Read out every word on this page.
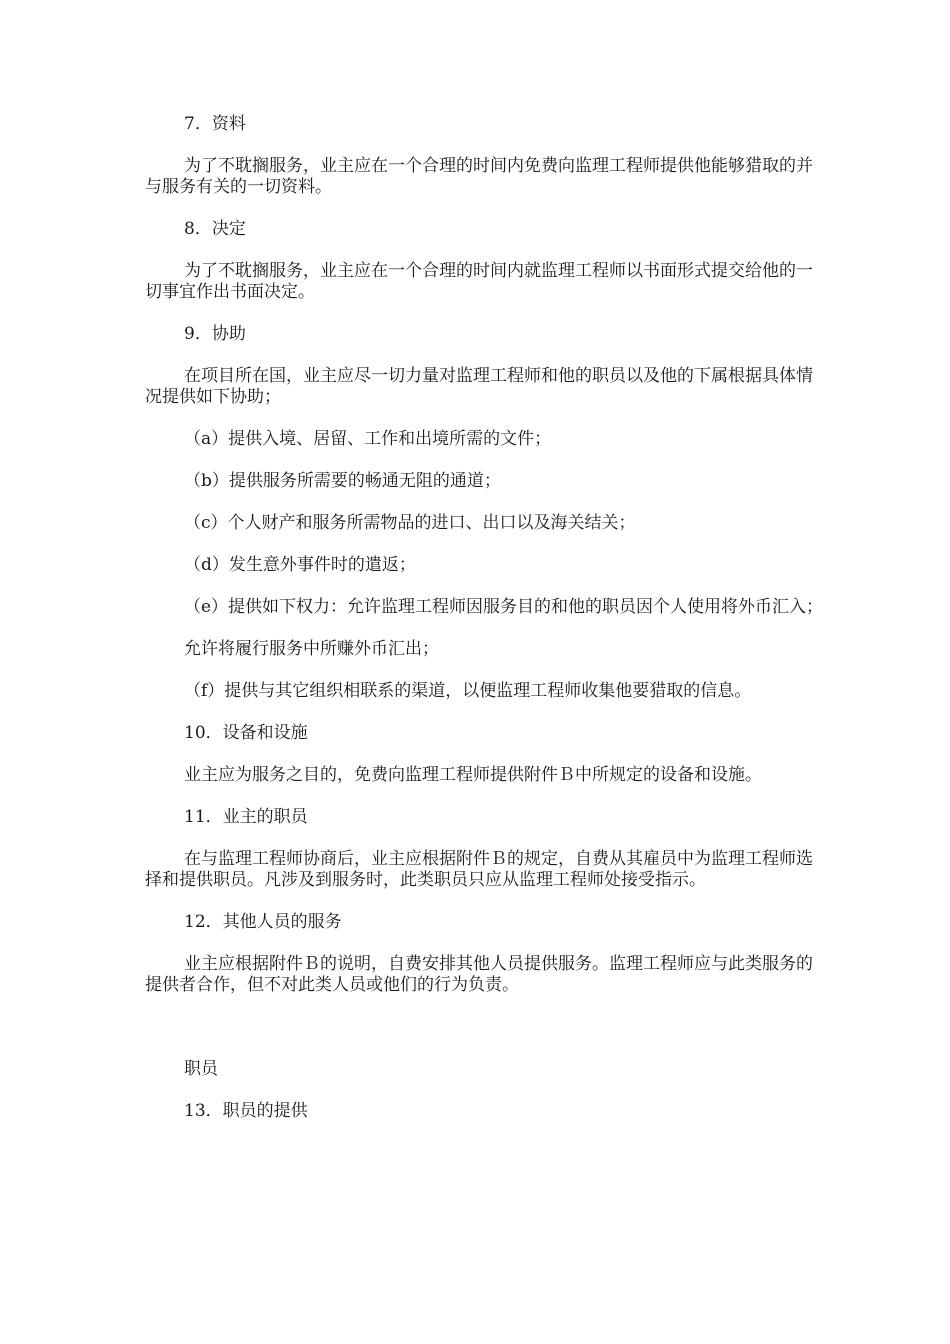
7．资料

为了不耽搁服务，业主应在一个合理的时间内免费向监理工程师提供他能够猎取的并与服务有关的一切资料。

8．决定

为了不耽搁服务，业主应在一个合理的时间内就监理工程师以书面形式提交给他的一切事宜作出书面决定。

9．协助

在项目所在国，业主应尽一切力量对监理工程师和他的职员以及他的下属根据具体情况提供如下协助；

（a）提供入境、居留、工作和出境所需的文件；

（b）提供服务所需要的畅通无阻的通道；

（c）个人财产和服务所需物品的进口、出口以及海关结关；

（d）发生意外事件时的遣返；

（e）提供如下权力：允许监理工程师因服务目的和他的职员因个人使用将外币汇入；

允许将履行服务中所赚外币汇出；

（f）提供与其它组织相联系的渠道，以便监理工程师收集他要猎取的信息。

10．设备和设施

业主应为服务之目的，免费向监理工程师提供附件Ｂ中所规定的设备和设施。

11．业主的职员

在与监理工程师协商后，业主应根据附件Ｂ的规定，自费从其雇员中为监理工程师选择和提供职员。凡涉及到服务时，此类职员只应从监理工程师处接受指示。

12．其他人员的服务

业主应根据附件Ｂ的说明，自费安排其他人员提供服务。监理工程师应与此类服务的提供者合作，但不对此类人员或他们的行为负责。

职员

13．职员的提供
